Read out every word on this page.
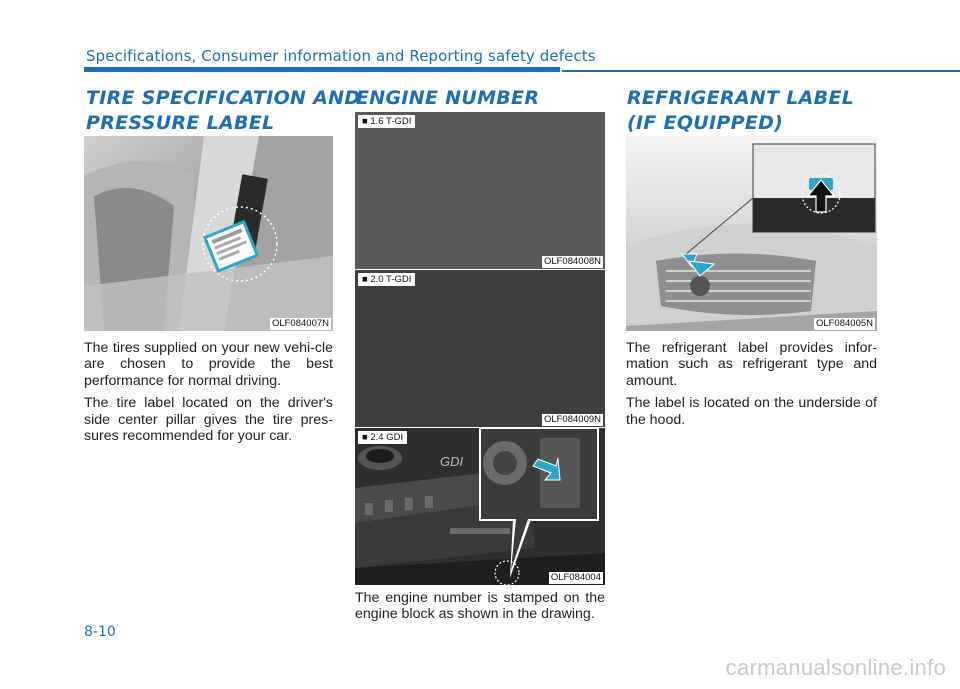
Specifications, Consumer information and Reporting safety defects
TIRE SPECIFICATION AND
PRESSURE LABEL
OLF084007N

The tires supplied on your new vehi-cle are chosen to provide the best performance for normal driving.

The tire label located on the driver's side center pillar gives the tire pres-sures recommended for your car.

ENGINE NUMBER
■ 1.6 T-GDI
OLF084008N
■ 2.0 T-GDI
OLF084009N
GDI
■ 2.4 GDI
OLF084004

The engine number is stamped on the engine block as shown in the drawing.

REFRIGERANT LABEL
(IF EQUIPPED)
OLF084005N

The refrigerant label provides infor-mation such as refrigerant type and amount.

The label is located on the underside of the hood.

8-10
carmanualsonline.info
